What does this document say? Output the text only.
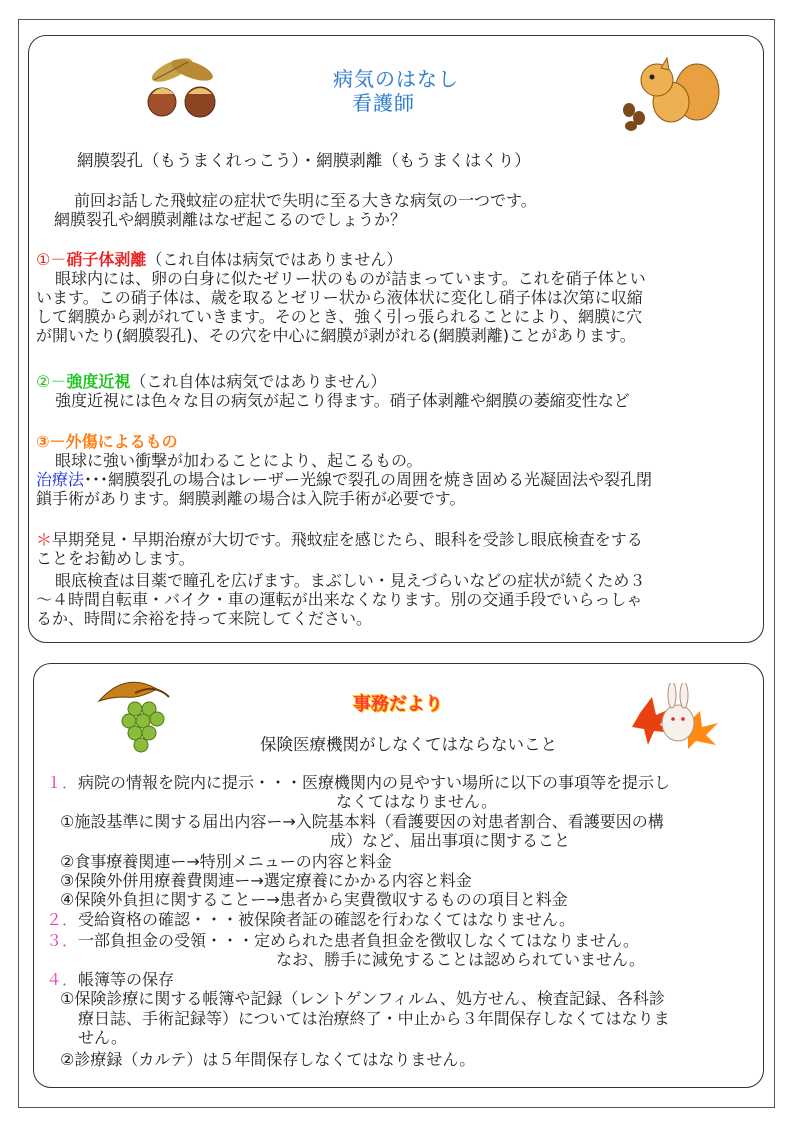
病気のはなし
看護師
網膜裂孔（もうまくれっこう）・網膜剥離（もうまくはくり）
前回お話した飛蚊症の症状で失明に至る大きな病気の一つです。
網膜裂孔や網膜剥離はなぜ起こるのでしょうか？
①－硝子体剥離（これ自体は病気ではありません）
眼球内には、卵の白身に似たゼリー状のものが詰まっています。これを硝子体とい
います。この硝子体は、歳を取るとゼリー状から液体状に変化し硝子体は次第に収縮
して網膜から剥がれていきます。そのとき、強く引っ張られることにより、網膜に穴
が開いたり(網膜裂孔)、その穴を中心に網膜が剥がれる(網膜剥離)ことがあります。
②－強度近視（これ自体は病気ではありません）
強度近視には色々な目の病気が起こり得ます。硝子体剥離や網膜の萎縮変性など
③－外傷によるもの
眼球に強い衝撃が加わることにより、起こるもの。
治療法･･･網膜裂孔の場合はレーザー光線で裂孔の周囲を焼き固める光凝固法や裂孔閉
鎖手術があります。網膜剥離の場合は入院手術が必要です。
＊早期発見・早期治療が大切です。飛蚊症を感じたら、眼科を受診し眼底検査をする
ことをお勧めします。
眼底検査は目薬で瞳孔を広げます。まぶしい・見えづらいなどの症状が続くため３
～４時間自転車・バイク・車の運転が出来なくなります。別の交通手段でいらっしゃ
るか、時間に余裕を持って来院してください。
事務だより
保険医療機関がしなくてはならないこと
１．病院の情報を院内に提示・・・医療機関内の見やすい場所に以下の事項等を提示し
なくてはなりません。
①施設基準に関する届出内容ー→入院基本料（看護要因の対患者割合、看護要因の構
成）など、届出事項に関すること
②食事療養関連ー→特別メニューの内容と料金
③保険外併用療養費関連ー→選定療養にかかる内容と料金
④保険外負担に関することー→患者から実費徴収するものの項目と料金
２．受給資格の確認・・・被保険者証の確認を行わなくてはなりません。
３．一部負担金の受領・・・定められた患者負担金を徴収しなくてはなりません。
なお、勝手に減免することは認められていません。
４．帳簿等の保存
①保険診療に関する帳簿や記録（レントゲンフィルム、処方せん、検査記録、各科診
療日誌、手術記録等）については治療終了・中止から３年間保存しなくてはなりま
せん。
②診療録（カルテ）は５年間保存しなくてはなりません。
